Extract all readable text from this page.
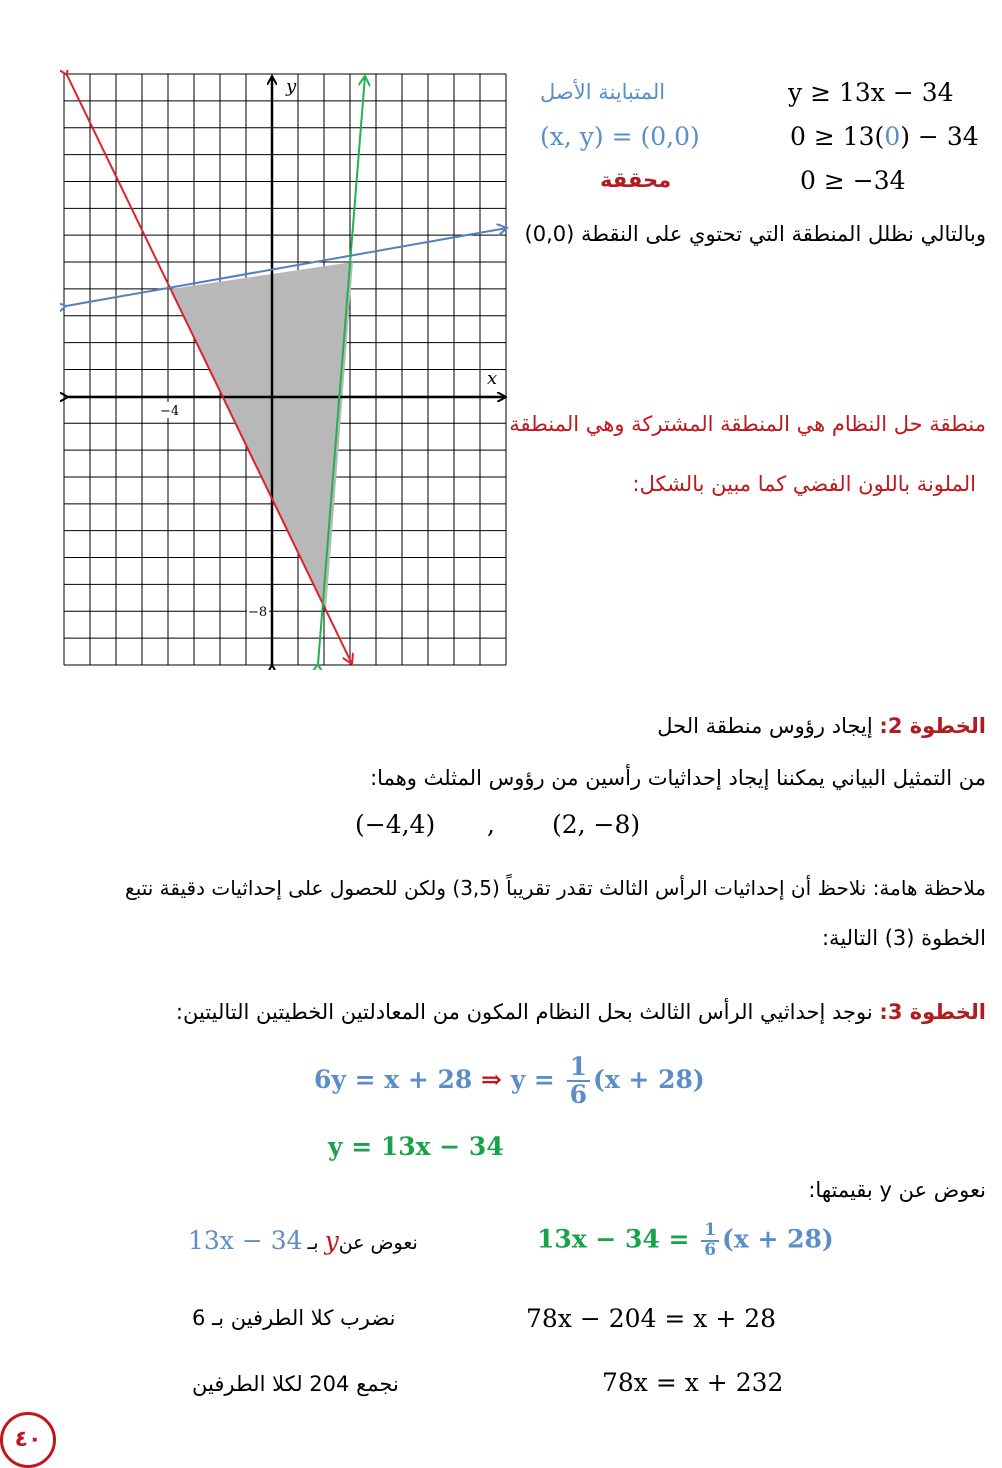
y
x
−4
−8
المتباينة الأصل	y ≥ 13x − 34
(x, y) = (0,0)	0 ≥ 13(0) − 34
محققة	0 ≥ −34
وبالتالي نظلل المنطقة التي تحتوي على النقطة (0,0)
منطقة حل النظام هي المنطقة المشتركة وهي المنطقة
الملونة باللون الفضي كما مبين بالشكل:
الخطوة 2: إيجاد رؤوس منطقة الحل
من التمثيل البياني يمكننا إيجاد إحداثيات رأسين من رؤوس المثلث وهما:
(−4,4) , (2, −8)
ملاحظة هامة: نلاحظ أن إحداثيات الرأس الثالث تقدر تقريباً (3,5) ولكن للحصول على إحداثيات دقيقة نتبع
الخطوة (3) التالية:
الخطوة 3: نوجد إحداثيي الرأس الثالث بحل النظام المكون من المعادلتين الخطيتين التاليتين:
6y = x + 28 ⇒ $y = \frac{1}{6} (x + 28)$
y = 13x − 34
نعوض عن y بقيمتها:
$13x - 34 = \frac{1}{6} (x + 28)$
13x − 34 نعوض عنy بـ
78x − 204 = x + 28
نضرب كلا الطرفين بـ 6
78x = x + 232
نجمع 204 لكلا الطرفين
٤٠
